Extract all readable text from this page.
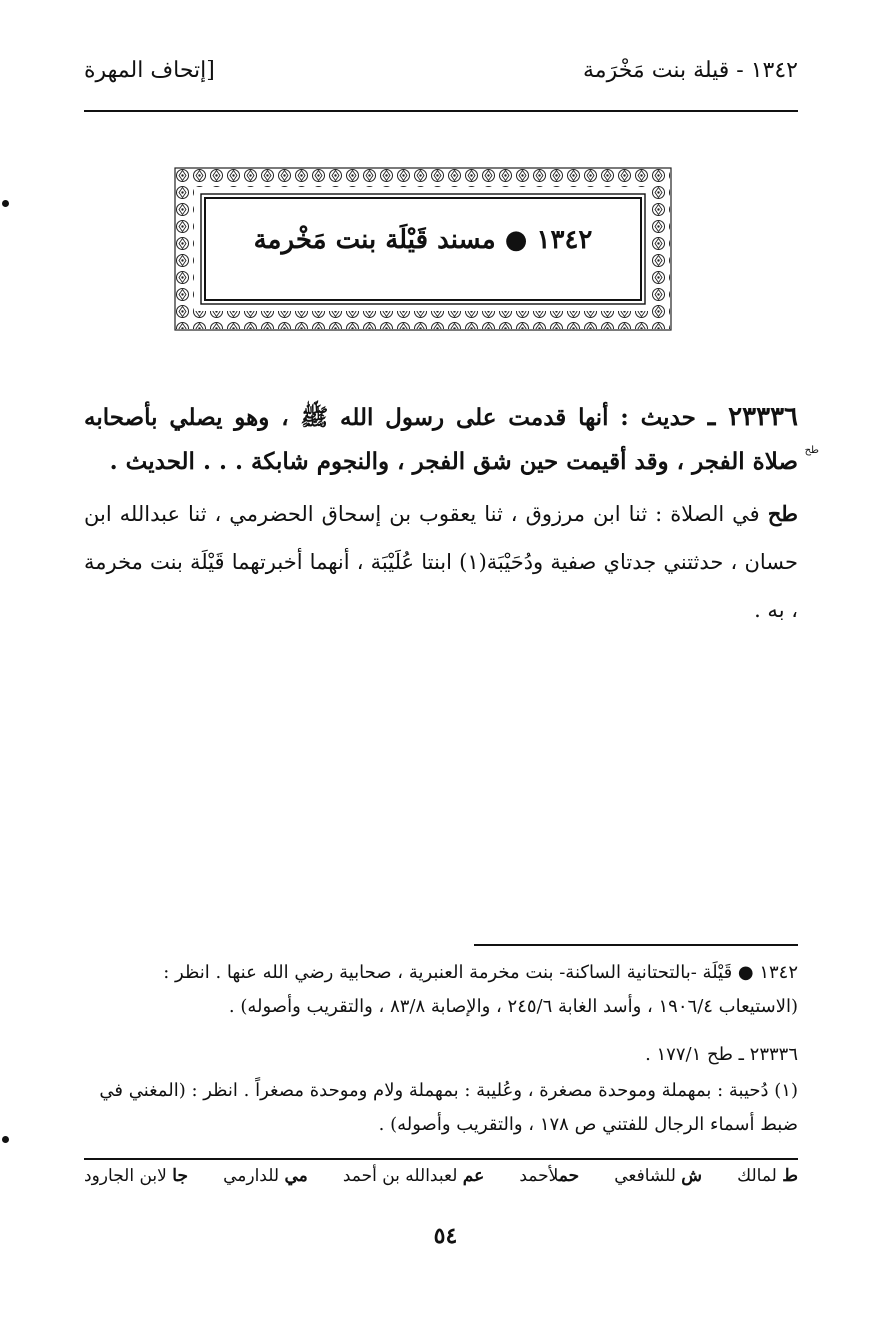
١٣٤٢ - قيلة بنت مَخْرَمة
[إتحاف المهرة
١٣٤٢ ● مسند قَيْلَة بنت مَخْرمة
٢٣٣٣٦ ـ حديث : أنها قدمت على رسول الله ﷺ ، وهو يصلي بأصحابه صلاة الفجر ، وقد أقيمت حين شق الفجر ، والنجوم شابكة . . . الحديث . طح
طح في الصلاة : ثنا ابن مرزوق ، ثنا يعقوب بن إسحاق الحضرمي ، ثنا عبدالله ابن حسان ، حدثتني جدتاي صفية ودُحَيْبَة(١) ابنتا عُلَيْبَة ، أنهما أخبرتهما قَيْلَة بنت مخرمة ، به .
١٣٤٢ ● قَيْلَة -بالتحتانية الساكنة- بنت مخرمة العنبرية ، صحابية رضي الله عنها . انظر : (الاستيعاب ١٩٠٦/٤ ، وأسد الغابة ٢٤٥/٦ ، والإصابة ٨٣/٨ ، والتقريب وأصوله) .
٢٣٣٣٦ ـ طح ١٧٧/١ .
(١) دُحيبة : بمهملة وموحدة مصغرة ، وعُليبة : بمهملة ولام وموحدة مصغراً . انظر : (المغني في ضبط أسماء الرجال للفتني ص ١٧٨ ، والتقريب وأصوله) .
ط لمالك
ش للشافعي
حملأحمد
عم لعبدالله بن أحمد
مي للدارمي
جا لابن الجارود
٥٤
